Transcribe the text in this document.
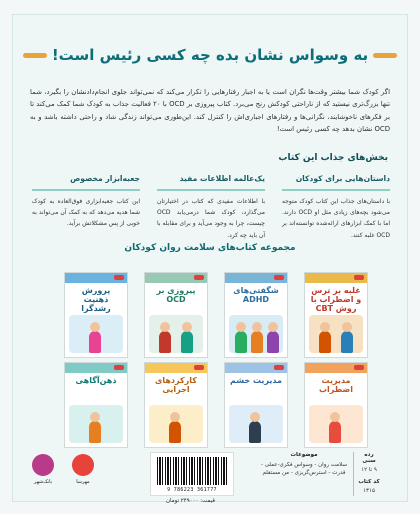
به وسواس نشان بده چه کسی رئیس است!
اگر کودک شما بیشتر وقت‌ها نگران است یا به اجبار رفتارهایی را تکرار می‌کند که نمی‌تواند جلوی انجام‌دادنشان را بگیرد، شما تنها بزرگ‌تری نیستید که از ناراحتی کودکش رنج می‌برد. کتاب پیروزی بر OCD با ۲۰ فعالیت جذاب به کودک شما کمک می‌کند تا بر فکرهای ناخوشایند، نگرانی‌ها و رفتارهای اجباری‌اش را کنترل کند. این‌طوری می‌تواند زندگی شاد و راحتی داشته باشد و به OCD نشان بدهد چه کسی رئیس است!
بخش‌های جذاب این کتاب
داستان‌هایی برای کودکان
با داستان‌های جذاب این کتاب کودک متوجه می‌شود بچه‌های زیادی مثل او OCD دارند. اما با کمک ابزارهای ارائه‌شده توانسته‌اند بر OCD غلبه کنند.
یک‌عالمه اطلاعات مفید
با اطلاعات مفیدی که کتاب در اختیارتان می‌گذارد، کودک شما درمی‌یابد OCD چیست، چرا به وجود می‌آید و برای مقابله با آن باید چه کرد.
جعبه‌ابزار مخصوص
این کتاب جعبه‌ابزاری فوق‌العاده به کودک شما هدیه می‌دهد که به کمک آن می‌تواند به خوبی از پس مشکلاتش برآید.
مجموعه کتاب‌های سلامت روان کودکان
غلبه بر ترس و اضطراب با روش CBT
شگفتی‌های ADHD
پیروزی بر OCD
پرورش ذهنیت رشدگرا
مدیریت اضطراب
مدیریت خشم
کارکردهای اجرایی
ذهن‌آگاهی
رده سنی
۹ تا ۱۲
کد کتاب
۱۳۱۵
موضوعات
سلامت روان - وسواس فکری-عملی - قدرت - استرس‌گریزی - من مستقلم
9 786223 361777
قیمت: ۲۴۹۰۰۰ تومان
مهرسا
بانک‌شهر
